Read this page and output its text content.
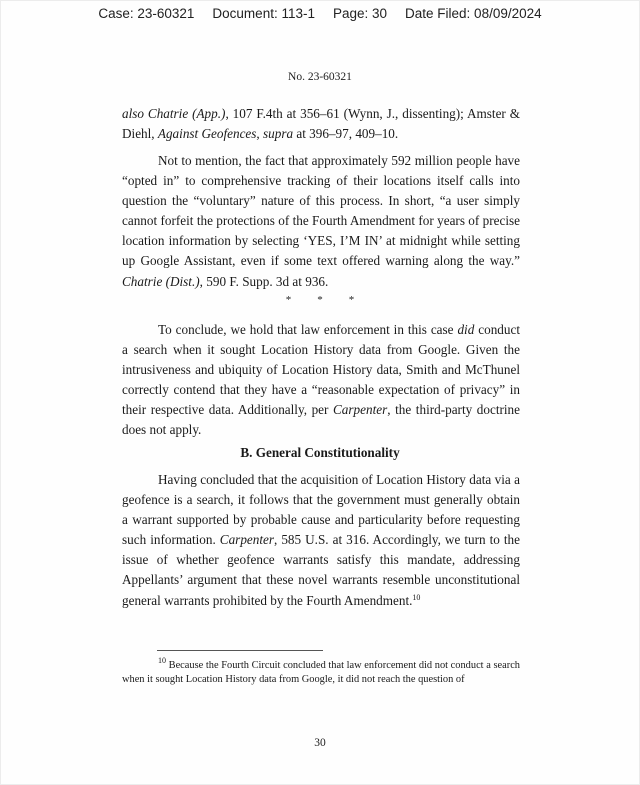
Case: 23-60321 Document: 113-1 Page: 30 Date Filed: 08/09/2024
No. 23-60321
also Chatrie (App.), 107 F.4th at 356–61 (Wynn, J., dissenting); Amster & Diehl, Against Geofences, supra at 396–97, 409–10.
Not to mention, the fact that approximately 592 million people have “opted in” to comprehensive tracking of their locations itself calls into question the “voluntary” nature of this process. In short, “a user simply cannot forfeit the protections of the Fourth Amendment for years of precise location information by selecting ‘YES, I’M IN’ at midnight while setting up Google Assistant, even if some text offered warning along the way.” Chatrie (Dist.), 590 F. Supp. 3d at 936.
* * *
To conclude, we hold that law enforcement in this case did conduct a search when it sought Location History data from Google. Given the intrusiveness and ubiquity of Location History data, Smith and McThunel correctly contend that they have a “reasonable expectation of privacy” in their respective data. Additionally, per Carpenter, the third-party doctrine does not apply.
B. General Constitutionality
Having concluded that the acquisition of Location History data via a geofence is a search, it follows that the government must generally obtain a warrant supported by probable cause and particularity before requesting such information. Carpenter, 585 U.S. at 316. Accordingly, we turn to the issue of whether geofence warrants satisfy this mandate, addressing Appellants’ argument that these novel warrants resemble unconstitutional general warrants prohibited by the Fourth Amendment.$^{10}$
$^{10}$ Because the Fourth Circuit concluded that law enforcement did not conduct a search when it sought Location History data from Google, it did not reach the question of
30
